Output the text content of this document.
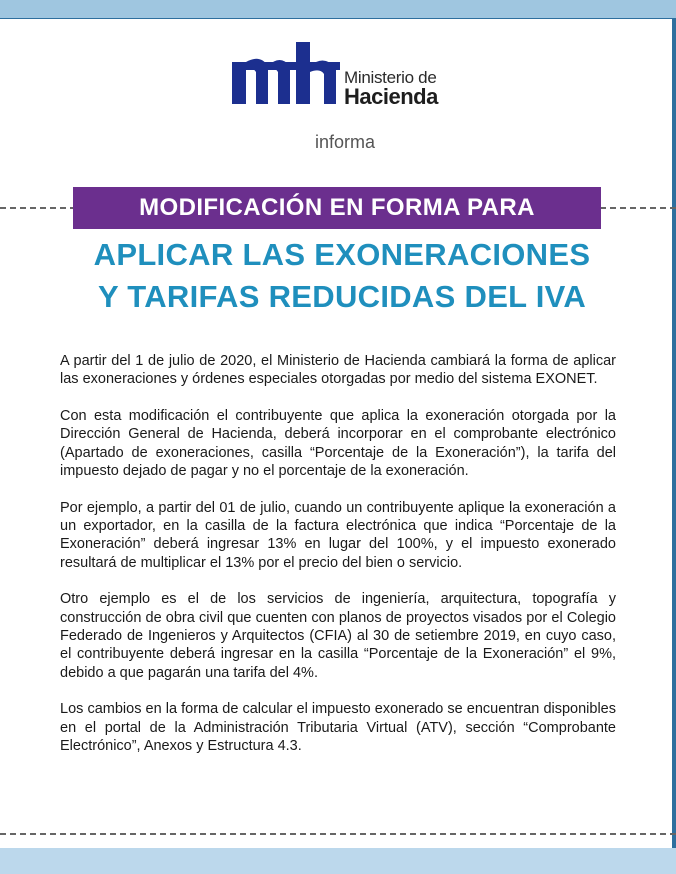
Ministerio de
Hacienda
informa
MODIFICACIÓN EN FORMA PARA
APLICAR LAS EXONERACIONES
Y TARIFAS REDUCIDAS DEL IVA

A partir del 1 de julio de 2020, el Ministerio de Hacienda cambiará la forma de aplicar las exoneraciones y órdenes especiales otorgadas por medio del sistema EXONET.

Con esta modificación el contribuyente que aplica la exoneración otorgada por la Dirección General de Hacienda, deberá incorporar en el comprobante electrónico (Apartado de exoneraciones, casilla “Porcentaje de la Exoneración”), la tarifa del impuesto dejado de pagar y no el porcentaje de la exoneración.

Por ejemplo, a partir del 01 de julio, cuando un contribuyente aplique la exoneración a un exportador, en la casilla de la factura electrónica que indica “Porcentaje de la Exoneración” deberá ingresar 13% en lugar del 100%, y el impuesto exonerado resultará de multiplicar el 13% por el precio del bien o servicio.

Otro ejemplo es el de los servicios de ingeniería, arquitectura, topografía y construcción de obra civil que cuenten con planos de proyectos visados por el Colegio Federado de Ingenieros y Arquitectos (CFIA) al 30 de setiembre 2019, en cuyo caso, el contribuyente deberá ingresar en la casilla “Porcentaje de la Exoneración” el 9%, debido a que pagarán una tarifa del 4%.

Los cambios en la forma de calcular el impuesto exonerado se encuentran disponibles en el portal de la Administración Tributaria Virtual (ATV), sección “Comprobante Electrónico”, Anexos y Estructura 4.3.
